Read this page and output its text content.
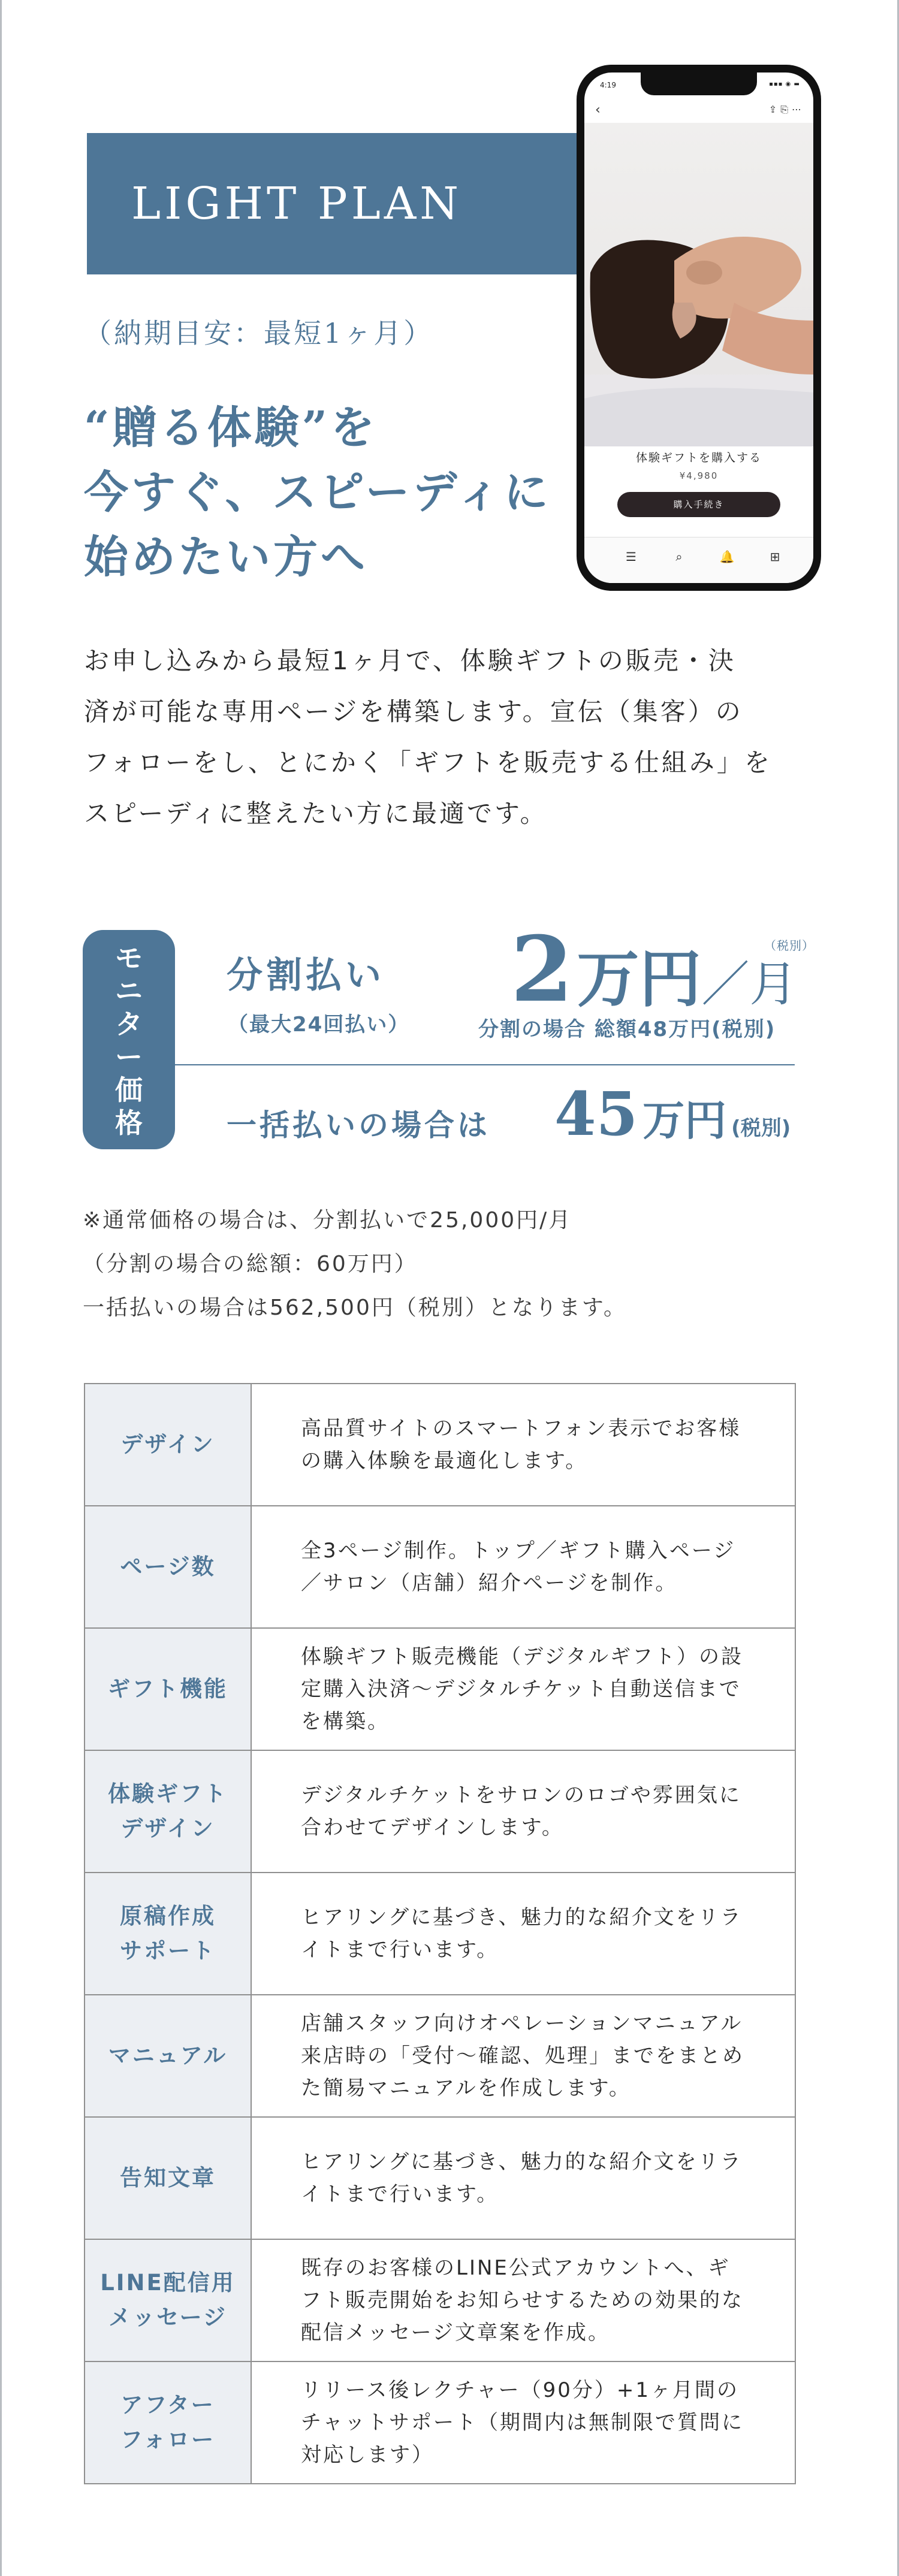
LIGHT PLAN
（納期目安：最短1ヶ月）
“贈る体験”を
今すぐ、スピーディに
始めたい方へ
4:19	▪▪▪ ◉ ▬
‹	⇪⎘⋯
体験ギフトを購入する
¥4,980
購入手続き
☰	⌕	🔔	⊞
お申し込みから最短1ヶ月で、体験ギフトの販売・決
済が可能な専用ページを構築します。宣伝（集客）の
フォローをし、とにかく「ギフトを販売する仕組み」を
スピーディに整えたい方に最適です。
モ
ニ
タ
ー
価
格
分割払い
（最大24回払い）
（税別）
2万円／月
分割の場合 総額48万円(税別)
一括払いの場合は 45 万円 (税別)
※通常価格の場合は、分割払いで25,000円/月
（分割の場合の総額：60万円）
一括払いの場合は562,500円（税別）となります。
デザイン	高品質サイトのスマートフォン表示でお客様の購入体験を最適化します。

ページ数	全3ページ制作。トップ／ギフト購入ページ／サロン（店舗）紹介ページを制作。

ギフト機能	体験ギフト販売機能（デジタルギフト）の設定購入決済〜デジタルチケット自動送信までを構築。

体験ギフト
デザイン	デジタルチケットをサロンのロゴや雰囲気に合わせてデザインします。

原稿作成
サポート	ヒアリングに基づき、魅力的な紹介文をリライトまで行います。

マニュアル	店舗スタッフ向けオペレーションマニュアル来店時の「受付〜確認、処理」までをまとめた簡易マニュアルを作成します。

告知文章	ヒアリングに基づき、魅力的な紹介文をリライトまで行います。

LINE配信用
メッセージ	既存のお客様のLINE公式アカウントへ、ギフト販売開始をお知らせするための効果的な配信メッセージ文章案を作成。

アフター
フォロー	リリース後レクチャー（90分）+1ヶ月間のチャットサポート（期間内は無制限で質問に対応します）
